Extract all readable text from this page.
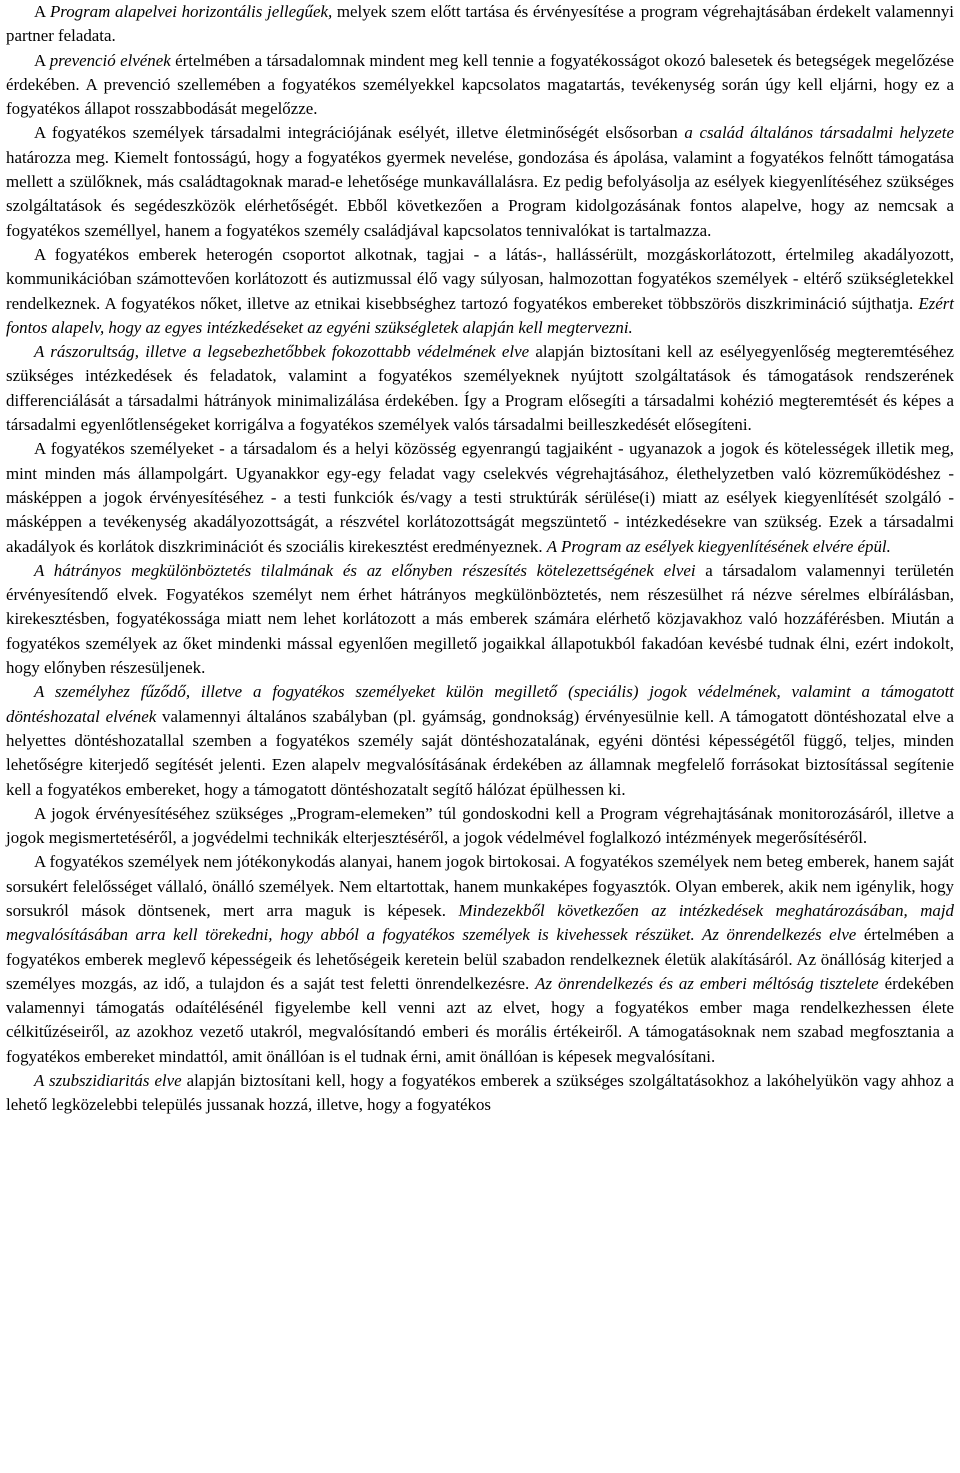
A Program alapelvei horizontális jellegűek, melyek szem előtt tartása és érvényesítése a program végrehajtásában érdekelt valamennyi partner feladata.

A prevenció elvének értelmében a társadalomnak mindent meg kell tennie a fogyatékosságot okozó balesetek és betegségek megelőzése érdekében. A prevenció szellemében a fogyatékos személyekkel kapcsolatos magatartás, tevékenység során úgy kell eljárni, hogy ez a fogyatékos állapot rosszabbodását megelőzze.

A fogyatékos személyek társadalmi integrációjának esélyét, illetve életminőségét elsősorban a család általános társadalmi helyzete határozza meg. Kiemelt fontosságú, hogy a fogyatékos gyermek nevelése, gondozása és ápolása, valamint a fogyatékos felnőtt támogatása mellett a szülőknek, más családtagoknak marad-e lehetősége munkavállalásra. Ez pedig befolyásolja az esélyek kiegyenlítéséhez szükséges szolgáltatások és segédeszközök elérhetőségét. Ebből következően a Program kidolgozásának fontos alapelve, hogy az nemcsak a fogyatékos személlyel, hanem a fogyatékos személy családjával kapcsolatos tennivalókat is tartalmazza.

A fogyatékos emberek heterogén csoportot alkotnak, tagjai - a látás-, hallássérült, mozgáskorlátozott, értelmileg akadályozott, kommunikációban számottevően korlátozott és autizmussal élő vagy súlyosan, halmozottan fogyatékos személyek - eltérő szükségletekkel rendelkeznek. A fogyatékos nőket, illetve az etnikai kisebbséghez tartozó fogyatékos embereket többszörös diszkrimináció sújthatja. Ezért fontos alapelv, hogy az egyes intézkedéseket az egyéni szükségletek alapján kell megtervezni.

A rászorultság, illetve a legsebezhetőbbek fokozottabb védelmének elve alapján biztosítani kell az esélyegyenlőség megteremtéséhez szükséges intézkedések és feladatok, valamint a fogyatékos személyeknek nyújtott szolgáltatások és támogatások rendszerének differenciálását a társadalmi hátrányok minimalizálása érdekében. Így a Program elősegíti a társadalmi kohézió megteremtését és képes a társadalmi egyenlőtlenségeket korrigálva a fogyatékos személyek valós társadalmi beilleszkedését elősegíteni.

A fogyatékos személyeket - a társadalom és a helyi közösség egyenrangú tagjaiként - ugyanazok a jogok és kötelességek illetik meg, mint minden más állampolgárt. Ugyanakkor egy-egy feladat vagy cselekvés végrehajtásához, élethelyzetben való közreműködéshez - másképpen a jogok érvényesítéséhez - a testi funkciók és/vagy a testi struktúrák sérülése(i) miatt az esélyek kiegyenlítését szolgáló - másképpen a tevékenység akadályozottságát, a részvétel korlátozottságát megszüntető - intézkedésekre van szükség. Ezek a társadalmi akadályok és korlátok diszkriminációt és szociális kirekesztést eredményeznek. A Program az esélyek kiegyenlítésének elvére épül.

A hátrányos megkülönböztetés tilalmának és az előnyben részesítés kötelezettségének elvei a társadalom valamennyi területén érvényesítendő elvek. Fogyatékos személyt nem érhet hátrányos megkülönböztetés, nem részesülhet rá nézve sérelmes elbírálásban, kirekesztésben, fogyatékossága miatt nem lehet korlátozott a más emberek számára elérhető közjavakhoz való hozzáférésben. Miután a fogyatékos személyek az őket mindenki mással egyenlően megillető jogaikkal állapotukból fakadóan kevésbé tudnak élni, ezért indokolt, hogy előnyben részesüljenek.

A személyhez fűződő, illetve a fogyatékos személyeket külön megillető (speciális) jogok védelmének, valamint a támogatott döntéshozatal elvének valamennyi általános szabályban (pl. gyámság, gondnokság) érvényesülnie kell. A támogatott döntéshozatal elve a helyettes döntéshozatallal szemben a fogyatékos személy saját döntéshozatalának, egyéni döntési képességétől függő, teljes, minden lehetőségre kiterjedő segítését jelenti. Ezen alapelv megvalósításának érdekében az államnak megfelelő forrásokat biztosítással segítenie kell a fogyatékos embereket, hogy a támogatott döntéshozatalt segítő hálózat épülhessen ki.

A jogok érvényesítéséhez szükséges „Program-elemeken” túl gondoskodni kell a Program végrehajtásának monitorozásáról, illetve a jogok megismertetéséről, a jogvédelmi technikák elterjesztéséről, a jogok védelmével foglalkozó intézmények megerősítéséről.

A fogyatékos személyek nem jótékonykodás alanyai, hanem jogok birtokosai. A fogyatékos személyek nem beteg emberek, hanem saját sorsukért felelősséget vállaló, önálló személyek. Nem eltartottak, hanem munkaképes fogyasztók. Olyan emberek, akik nem igénylik, hogy sorsukról mások döntsenek, mert arra maguk is képesek. Mindezekből következően az intézkedések meghatározásában, majd megvalósításában arra kell törekedni, hogy abból a fogyatékos személyek is kivehessek részüket. Az önrendelkezés elve értelmében a fogyatékos emberek meglevő képességeik és lehetőségeik keretein belül szabadon rendelkeznek életük alakításáról. Az önállóság kiterjed a személyes mozgás, az idő, a tulajdon és a saját test feletti önrendelkezésre. Az önrendelkezés és az emberi méltóság tisztelete érdekében valamennyi támogatás odaítélésénél figyelembe kell venni azt az elvet, hogy a fogyatékos ember maga rendelkezhessen élete célkitűzéseiről, az azokhoz vezető utakról, megvalósítandó emberi és morális értékeiről. A támogatásoknak nem szabad megfosztania a fogyatékos embereket mindattól, amit önállóan is el tudnak érni, amit önállóan is képesek megvalósítani.

A szubszidiaritás elve alapján biztosítani kell, hogy a fogyatékos emberek a szükséges szolgáltatásokhoz a lakóhelyükön vagy ahhoz a lehető legközelebbi település jussanak hozzá, illetve, hogy a fogyatékos
